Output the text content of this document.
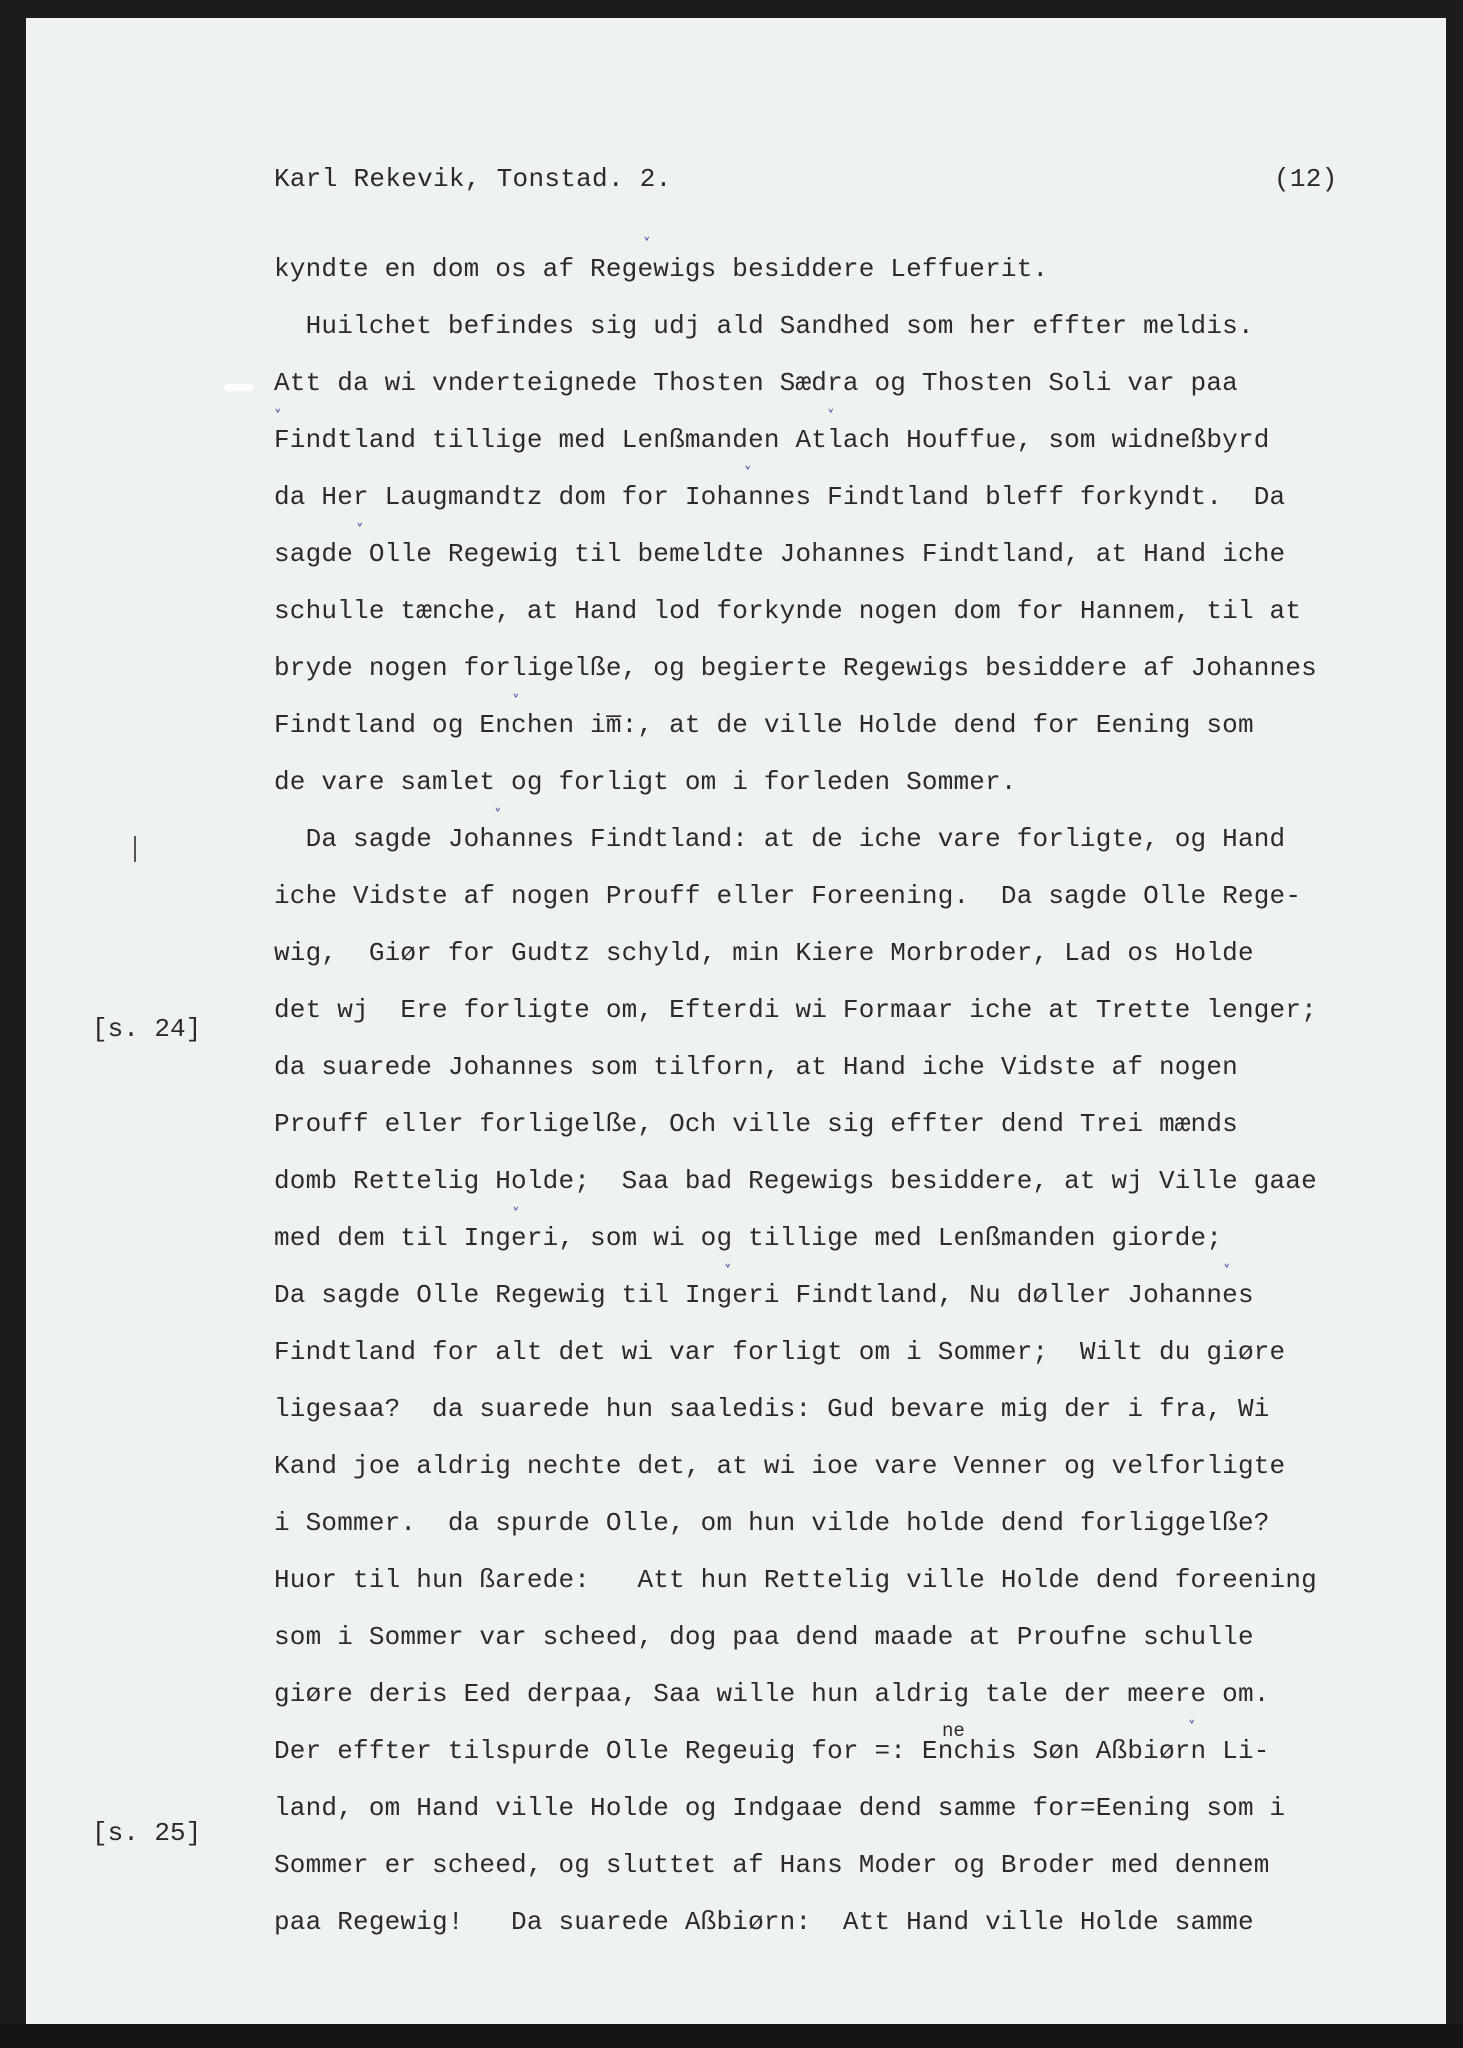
Karl Rekevik, Tonstad. 2.	(12)
[s. 24]
[s. 25]
kyndte en dom os af Regewigs besiddere Leffuerit.
Huilchet befindes sig udj ald Sandhed som her effter meldis.
Att da wi vnderteignede Thosten Sædra og Thosten Soli var paa
Findtland tillige med Lenßmanden Atlach Houffue, som widneßbyrd
da Her Laugmandtz dom for Iohannes Findtland bleff forkyndt.  Da
sagde Olle Regewig til bemeldte Johannes Findtland, at Hand iche
schulle tænche, at Hand lod forkynde nogen dom for Hannem, til at
bryde nogen forligelße, og begierte Regewigs besiddere af Johannes
Findtland og Enchen im̅:, at de ville Holde dend for Eening som
de vare samlet og forligt om i forleden Sommer.
Da sagde Johannes Findtland: at de iche vare forligte, og Hand
iche Vidste af nogen Prouff eller Foreening.  Da sagde Olle Rege-
wig,  Giør for Gudtz schyld, min Kiere Morbroder, Lad os Holde
det wj  Ere forligte om, Efterdi wi Formaar iche at Trette lenger;
da suarede Johannes som tilforn, at Hand iche Vidste af nogen
Prouff eller forligelße, Och ville sig effter dend Trei mænds
domb Rettelig Holde;  Saa bad Regewigs besiddere, at wj Ville gaae
med dem til Ingeri, som wi og tillige med Lenßmanden giorde;
Da sagde Olle Regewig til Ingeri Findtland, Nu døller Johannes
Findtland for alt det wi var forligt om i Sommer;  Wilt du giøre
ligesaa?  da suarede hun saaledis: Gud bevare mig der i fra, Wi
Kand joe aldrig nechte det, at wi ioe vare Venner og velforligte
i Sommer.  da spurde Olle, om hun vilde holde dend forliggelße?
Huor til hun ßarede:   Att hun Rettelig ville Holde dend foreening
som i Sommer var scheed, dog paa dend maade at Proufne schulle
giøre deris Eed derpaa, Saa wille hun aldrig tale der meere om.
Der effter tilspurde Olle Regeuig for =: Enchis Søn Aßbiørn Li-
land, om Hand ville Holde og Indgaae dend samme for=Eening som i
Sommer er scheed, og sluttet af Hans Moder og Broder med dennem
paa Regewig!   Da suarede Aßbiørn:  Att Hand ville Holde samme
ne
˅
˅	˅
˅
˅
˅
˅
˅
˅	˅
˅
